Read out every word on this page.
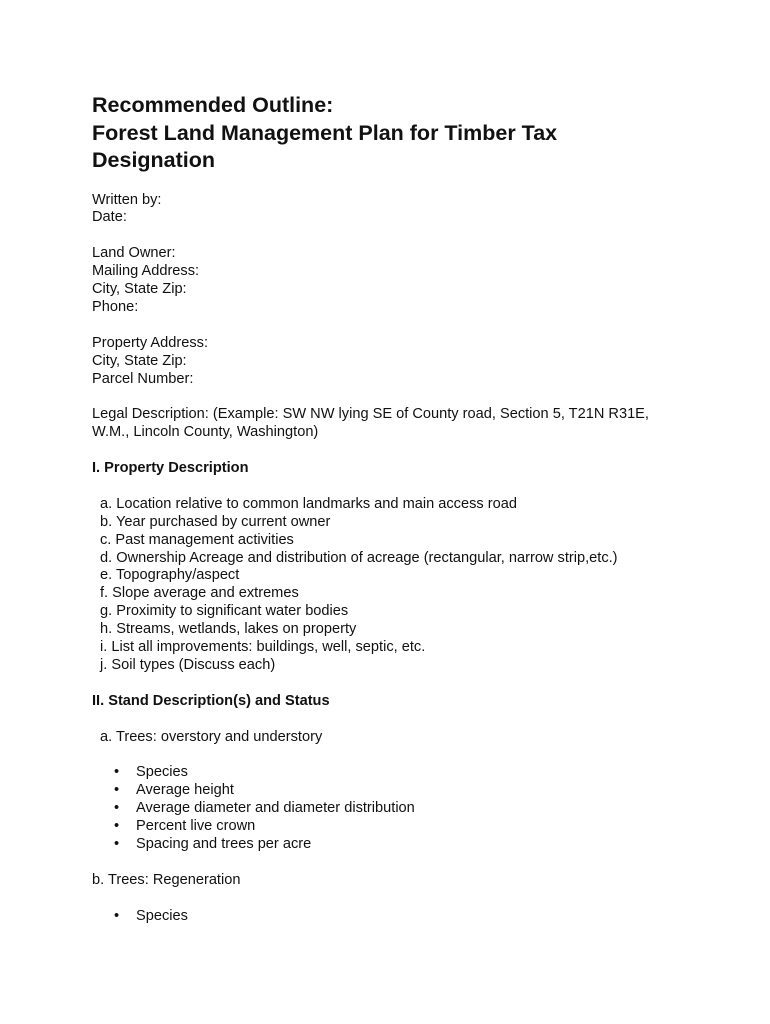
Recommended Outline:
Forest Land Management Plan for Timber Tax
Designation
Written by:
Date:
Land Owner:
Mailing Address:
City, State Zip:
Phone:
Property Address:
City, State Zip:
Parcel Number:
Legal Description: (Example: SW NW lying SE of County road, Section 5, T21N R31E,
W.M., Lincoln County, Washington)
I. Property Description
a. Location relative to common landmarks and main access road
b. Year purchased by current owner
c. Past management activities
d. Ownership Acreage and distribution of acreage (rectangular, narrow strip,etc.)
e. Topography/aspect
f. Slope average and extremes
g. Proximity to significant water bodies
h. Streams, wetlands, lakes on property
i. List all improvements: buildings, well, septic, etc.
j. Soil types (Discuss each)
II. Stand Description(s) and Status
a. Trees: overstory and understory
• Species
• Average height
• Average diameter and diameter distribution
• Percent live crown
• Spacing and trees per acre
b. Trees: Regeneration
• Species
